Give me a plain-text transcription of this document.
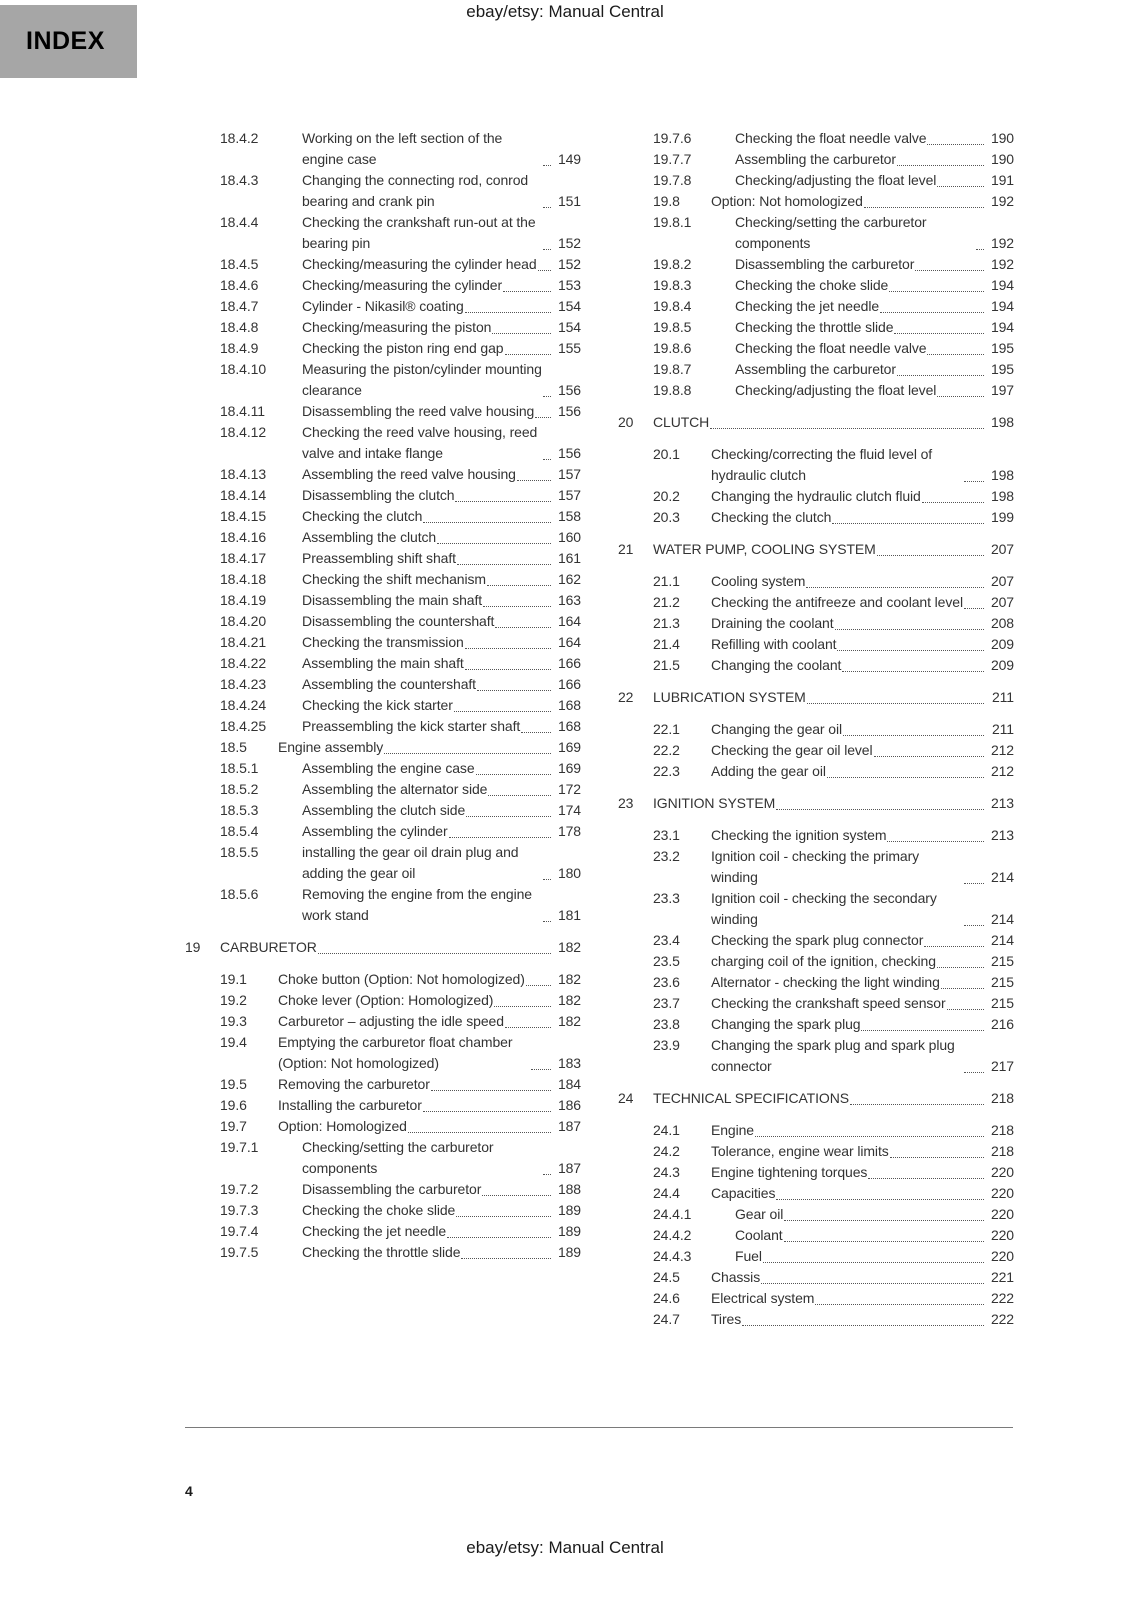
ebay/etsy: Manual Central
INDEX
18.4.2	Working on the left section of the engine case	149
18.4.3	Changing the connecting rod, conrod bearing and crank pin	151
18.4.4	Checking the crankshaft run-out at the bearing pin	152
18.4.5	Checking/measuring the cylinder head 152
18.4.6	Checking/measuring the cylinder	153
18.4.7	Cylinder - Nikasil® coating	154
18.4.8	Checking/measuring the piston	154
18.4.9	Checking the piston ring end gap	155
18.4.10	Measuring the piston/cylinder mounting clearance	156
18.4.11	Disassembling the reed valve housing 156
18.4.12	Checking the reed valve housing, reed valve and intake flange	156
18.4.13	Assembling the reed valve housing	157
18.4.14	Disassembling the clutch	157
18.4.15	Checking the clutch	158
18.4.16	Assembling the clutch	160
18.4.17	Preassembling shift shaft	161
18.4.18	Checking the shift mechanism	162
18.4.19	Disassembling the main shaft	163
18.4.20	Disassembling the countershaft	164
18.4.21	Checking the transmission	164
18.4.22	Assembling the main shaft	166
18.4.23	Assembling the countershaft	166
18.4.24	Checking the kick starter	168
18.4.25	Preassembling the kick starter shaft	168
18.5	Engine assembly	169
18.5.1	Assembling the engine case	169
18.5.2	Assembling the alternator side	172
18.5.3	Assembling the clutch side	174
18.5.4	Assembling the cylinder	178
18.5.5	installing the gear oil drain plug and adding the gear oil	180
18.5.6	Removing the engine from the engine work stand	181
19	CARBURETOR	182
19.1	Choke button (Option: Not homologized) 182
19.2	Choke lever (Option: Homologized)	182
19.3	Carburetor – adjusting the idle speed	182
19.4	Emptying the carburetor float chamber (Option: Not homologized)	183
19.5	Removing the carburetor	184
19.6	Installing the carburetor	186
19.7	Option: Homologized	187
19.7.1	Checking/setting the carburetor components	187
19.7.2	Disassembling the carburetor	188
19.7.3	Checking the choke slide	189
19.7.4	Checking the jet needle	189
19.7.5	Checking the throttle slide	189
19.7.6	Checking the float needle valve	190
19.7.7	Assembling the carburetor	190
19.7.8	Checking/adjusting the float level	191
19.8	Option: Not homologized	192
19.8.1	Checking/setting the carburetor components	192
19.8.2	Disassembling the carburetor	192
19.8.3	Checking the choke slide	194
19.8.4	Checking the jet needle	194
19.8.5	Checking the throttle slide	194
19.8.6	Checking the float needle valve	195
19.8.7	Assembling the carburetor	195
19.8.8	Checking/adjusting the float level	197
20	CLUTCH	198
20.1	Checking/correcting the fluid level of hydraulic clutch	198
20.2	Changing the hydraulic clutch fluid	198
20.3	Checking the clutch	199
21	WATER PUMP, COOLING SYSTEM	207
21.1	Cooling system	207
21.2	Checking the antifreeze and coolant level 207
21.3	Draining the coolant	208
21.4	Refilling with coolant	209
21.5	Changing the coolant	209
22	LUBRICATION SYSTEM	211
22.1	Changing the gear oil	211
22.2	Checking the gear oil level	212
22.3	Adding the gear oil	212
23	IGNITION SYSTEM	213
23.1	Checking the ignition system	213
23.2	Ignition coil - checking the primary winding	214
23.3	Ignition coil - checking the secondary winding	214
23.4	Checking the spark plug connector	214
23.5	charging coil of the ignition, checking	215
23.6	Alternator - checking the light winding	215
23.7	Checking the crankshaft speed sensor	215
23.8	Changing the spark plug	216
23.9	Changing the spark plug and spark plug connector	217
24	TECHNICAL SPECIFICATIONS	218
24.1	Engine	218
24.2	Tolerance, engine wear limits	218
24.3	Engine tightening torques	220
24.4	Capacities	220
24.4.1	Gear oil	220
24.4.2	Coolant	220
24.4.3	Fuel	220
24.5	Chassis	221
24.6	Electrical system	222
24.7	Tires	222
4
ebay/etsy: Manual Central
